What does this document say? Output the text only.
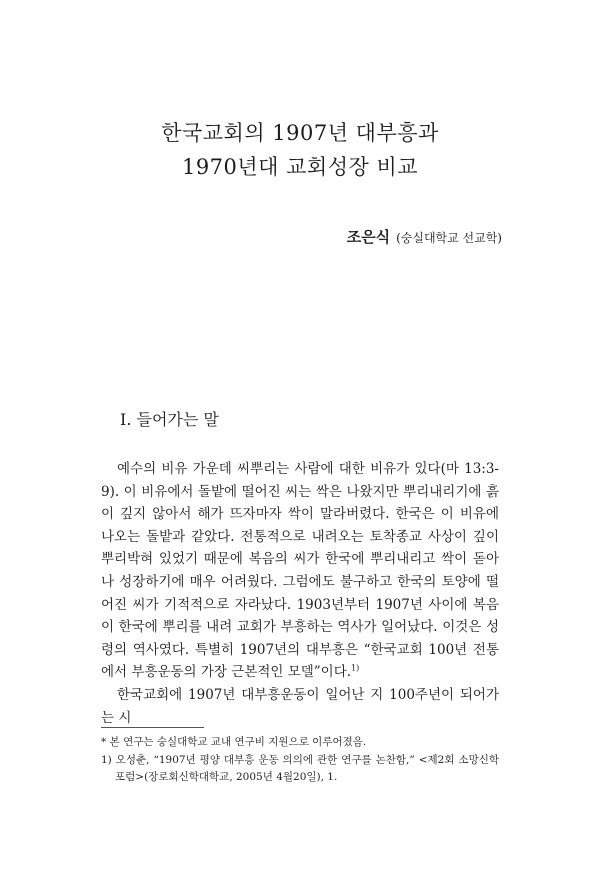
한국교회의 1907년 대부흥과
1970년대 교회성장 비교
조은식 (숭실대학교 선교학)
I. 들어가는 말

예수의 비유 가운데 씨뿌리는 사람에 대한 비유가 있다(마 13:3-9). 이 비유에서 돌밭에 떨어진 씨는 싹은 나왔지만 뿌리내리기에 흙이 깊지 않아서 해가 뜨자마자 싹이 말라버렸다. 한국은 이 비유에 나오는 돌밭과 같았다. 전통적으로 내려오는 토착종교 사상이 깊이 뿌리박혀 있었기 때문에 복음의 씨가 한국에 뿌리내리고 싹이 돋아나 성장하기에 매우 어려웠다. 그럼에도 불구하고 한국의 토양에 떨어진 씨가 기적적으로 자라났다. 1903년부터 1907년 사이에 복음이 한국에 뿌리를 내려 교회가 부흥하는 역사가 일어났다. 이것은 성령의 역사였다. 특별히 1907년의 대부흥은 “한국교회 100년 전통에서 부흥운동의 가장 근본적인 모델”이다.$^{1)}$

한국교회에 1907년 대부흥운동이 일어난 지 100주년이 되어가는 시

* 본 연구는 숭실대학교 교내 연구비 지원으로 이루어졌음.

1) 오성춘, “1907년 평양 대부흥 운동 의의에 관한 연구를 논찬함,” <제2회 소망신학포럼>(장로회신학대학교, 2005년 4월20일), 1.
